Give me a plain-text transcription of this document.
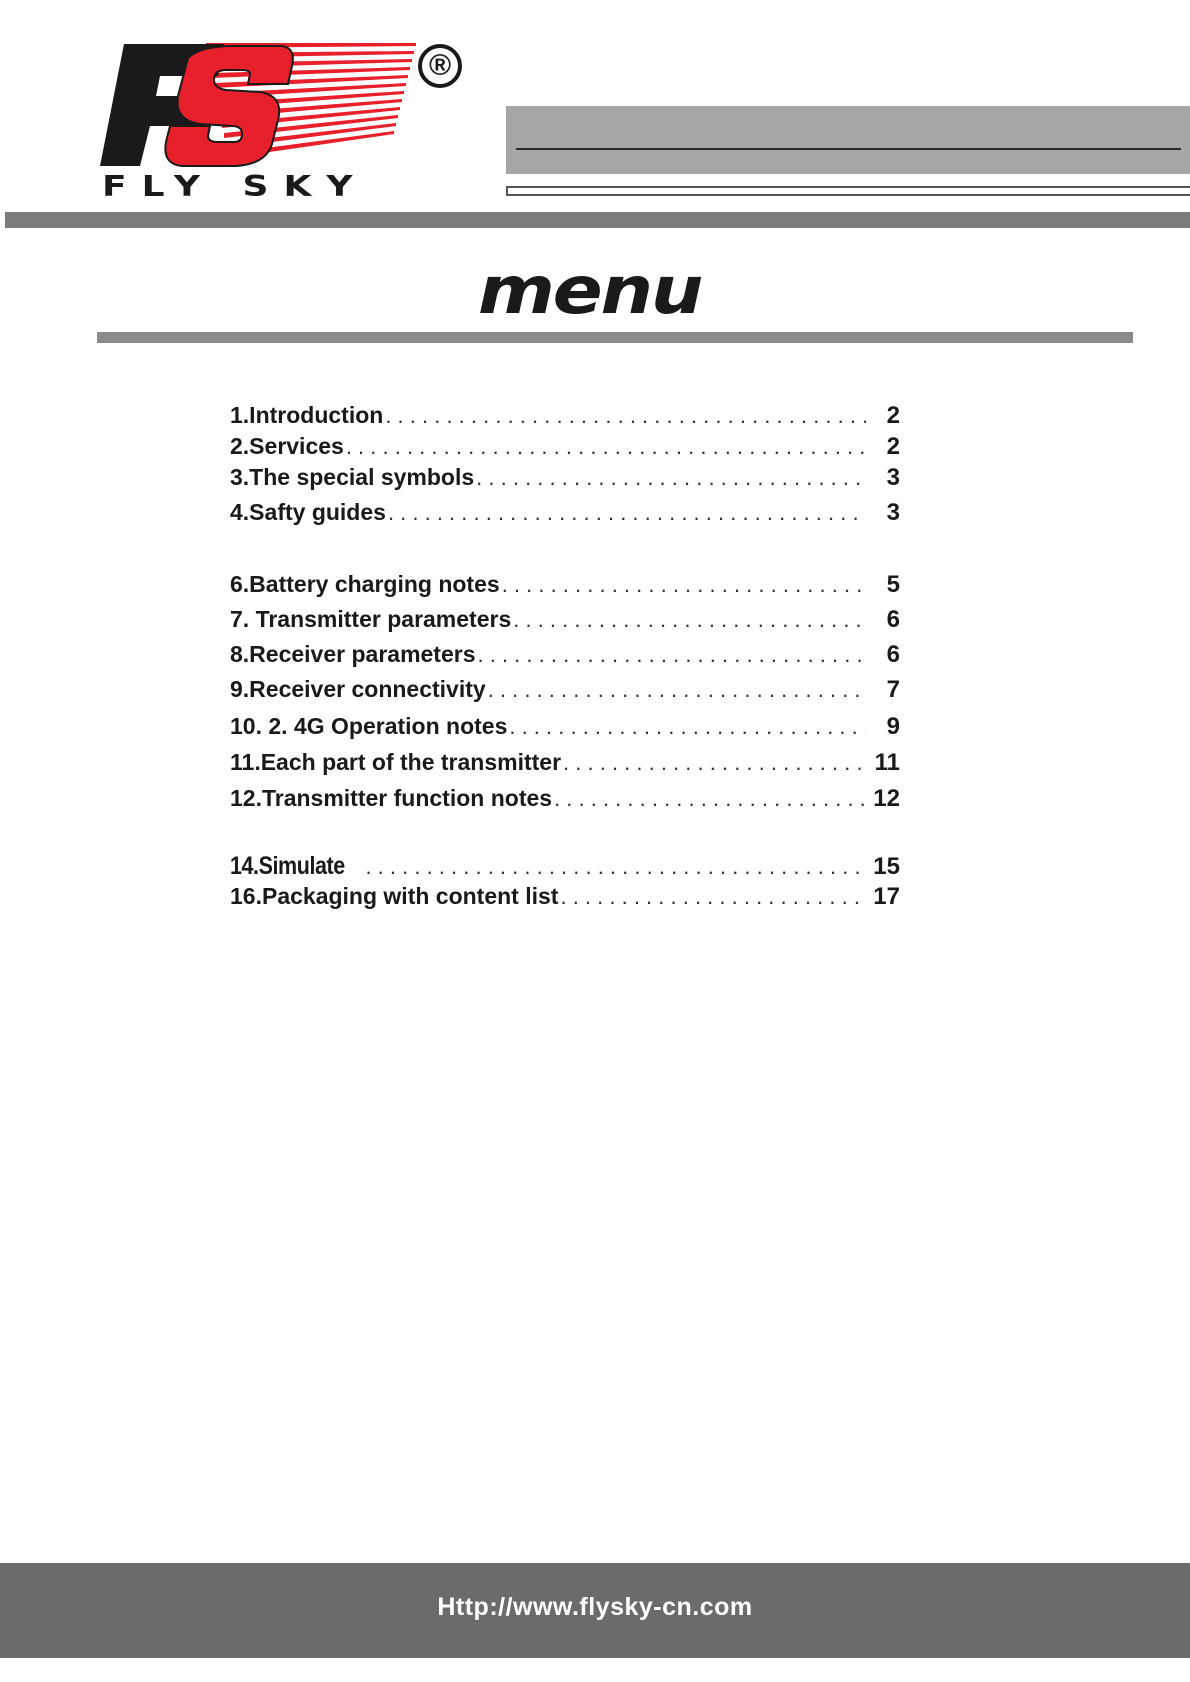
®
FLY SKY
menu
1.Introduction . . .	2
2.Services . . .	2
3.The special symbols . . .	3
4.Safty guides . . .	3
6.Battery charging notes . . .	5
7. Transmitter parameters . . .	6
8.Receiver parameters . . .	6
9.Receiver connectivity . . .	7
10. 2. 4G Operation notes . . .	9
11.Each part of the transmitter . . .	11
12.Transmitter function notes . . .	12
14.Simulate . . .	15
16.Packaging with content list . . .	17
Http://www.flysky-cn.com
